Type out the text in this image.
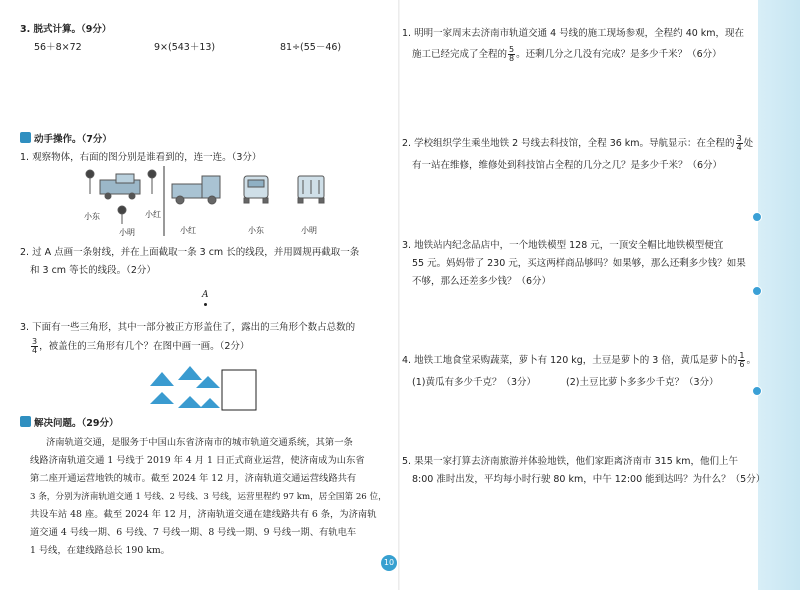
3. 脱式计算。（9分）
56＋8×72	9×(543＋13)	81÷(55－46)
动手操作。（7分）
1. 观察物体，右面的图分别是谁看到的，连一连。（3分）
小东	小红
小明	小红	小东	小明
2. 过 A 点画一条射线，并在上面截取一条 3 cm 长的线段，并用圆规再截取一条
和 3 cm 等长的线段。（2分）
A
3. 下面有一些三角形，其中一部分被正方形盖住了，露出的三角形个数占总数的
$\frac{3}{4}$ ，被盖住的三角形有几个？在图中画一画。（2分）
解决问题。（29分）
济南轨道交通，是服务于中国山东省济南市的城市轨道交通系统，其第一条
线路济南轨道交通 1 号线于 2019 年 4 月 1 日正式商业运营，使济南成为山东省
第二座开通运营地铁的城市。截至 2024 年 12 月，济南轨道交通运营线路共有
3 条，分别为济南轨道交通 1 号线、2 号线、3 号线，运营里程约 97 km，居全国第 26 位，
共设车站 48 座。截至 2024 年 12 月，济南轨道交通在建线路共有 6 条，为济南轨
道交通 4 号线一期、6 号线、7 号线一期、8 号线一期、9 号线一期、有轨电车
1 号线，在建线路总长 190 km。
10
1. 明明一家周末去济南市轨道交通 4 号线的施工现场参观，全程约 40 km，现在
施工已经完成了全程的 $\frac{5}{8}$ 。还剩几分之几没有完成？是多少千米？（6分）
2. 学校组织学生乘坐地铁 2 号线去科技馆，全程 36 km。导航显示：在全程的 $\frac{3}{4}$ 处
有一站在维修，维修处到科技馆占全程的几分之几？是多少千米？（6分）
3. 地铁站内纪念品店中，一个地铁模型 128 元，一顶安全帽比地铁模型便宜
55 元。妈妈带了 230 元，买这两样商品够吗？如果够，那么还剩多少钱？如果
不够，那么还差多少钱？（6分）
4. 地铁工地食堂采购蔬菜，萝卜有 120 kg，土豆是萝卜的 3 倍，黄瓜是萝卜的 $\frac{1}{6}$ 。
(1)黄瓜有多少千克？（3分）	(2)土豆比萝卜多多少千克？（3分）
5. 果果一家打算去济南旅游并体验地铁，他们家距离济南市 315 km，他们上午
8:00 准时出发，平均每小时行驶 80 km，中午 12:00 能到达吗？为什么？（5分）
